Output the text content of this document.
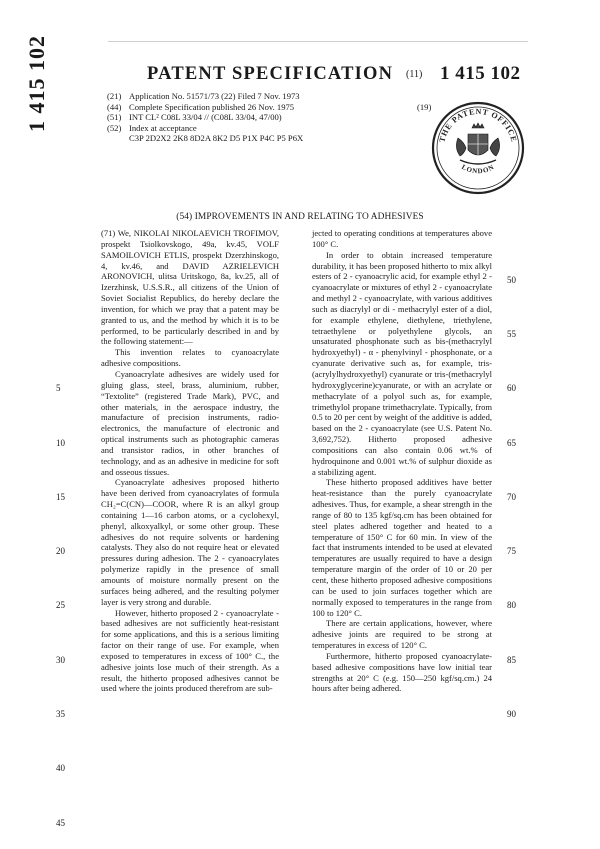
PATENT SPECIFICATION (11) 1 415 102
1 415 102	(21) Application No. 51571/73 (22) Filed 7 Nov. 1973
(44) Complete Specification published 26 Nov. 1975
(51) INT CL² C08L 33/04 // (C08L 33/04, 47/00)
(52) Index at acceptance
C3P 2D2X2 2K8 8D2A 8K2 D5 P1X P4C P5 P6X
(19)
THE PATENT OFFICE
LONDON
(54) IMPROVEMENTS IN AND RELATING TO ADHESIVES

(71) We, NIKOLAI NIKOLAEVICH TROFIMOV, prospekt Tsiolkovskogo, 49a, kv.45, VOLF SAMOILOVICH ETLIS, prospekt Dzerzhinskogo, 4, kv.46, and DAVID AZRIELEVICH ARONOVICH, ulitsa Uritskogo, 8a, kv.25, all of Izerzhinsk, U.S.S.R., all citizens of the Union of Soviet Socialist Republics, do hereby declare the invention, for which we pray that a patent may be granted to us, and the method by which it is to be performed, to be particularly described in and by the following statement:—

This invention relates to cyanoacrylate adhesive compositions.

Cyanoacrylate adhesives are widely used for gluing glass, steel, brass, aluminium, rubber, “Textolite” (registered Trade Mark), PVC, and other materials, in the aerospace industry, the manufacture of precision instruments, radio-electronics, the manufacture of electronic and optical instruments such as photographic cameras and transistor radios, in other branches of technology, and as an adhesive in medicine for soft and osseous tissues.

Cyanoacrylate adhesives proposed hitherto have been derived from cyanoacrylates of formula CH₂=C(CN)—COOR, where R is an alkyl group containing 1—16 carbon atoms, or a cyclohexyl, phenyl, alkoxyalkyl, or some other group. These adhesives do not require solvents or hardening catalysts. They also do not require heat or elevated pressures during adhesion. The 2 - cyanoacrylates polymerize rapidly in the presence of small amounts of moisture normally present on the surfaces being adhered, and the resulting polymer layer is very strong and durable.

However, hitherto proposed 2 - cyanoacrylate - based adhesives are not sufficiently heat-resistant for some applications, and this is a serious limiting factor on their range of use. For example, when exposed to temperatures in excess of 100° C., the adhesive joints lose much of their strength. As a result, the hitherto proposed adhesives cannot be used where the joints produced therefrom are sub-

jected to operating conditions at temperatures above 100° C.

In order to obtain increased temperature durability, it has been proposed hitherto to mix alkyl esters of 2 - cyanoacrylic acid, for example ethyl 2 - cyanoacrylate or mixtures of ethyl 2 - cyanoacrylate and methyl 2 - cyanoacrylate, with various additives such as diacrylyl or di - methacrylyl ester of a diol, for example ethylene, diethylene, triethylene, tetraethylene or polyethylene glycols, an unsaturated phosphonate such as bis-(methacrylyl hydroxyethyl) - α - phenylvinyl - phosphonate, or a cyanurate derivative such as, for example, tris-(acrylylhydroxyethyl) cyanurate or tris-(methacrylyl hydroxyglycerine)cyanurate, or with an acrylate or methacrylate of a polyol such as, for example, trimethylol propane trimethacrylate. Typically, from 0.5 to 20 per cent by weight of the additive is added, based on the 2 - cyanoacrylate (see U.S. Patent No. 3,692,752). Hitherto proposed adhesive compositions can also contain 0.06 wt.% of hydroquinone and 0.001 wt.% of sulphur dioxide as a stabilizing agent.

These hitherto proposed additives have better heat-resistance than the purely cyanoacrylate adhesives. Thus, for example, a shear strength in the range of 80 to 135 kgf/sq.cm has been obtained for steel plates adhered together and heated to a temperature of 150° C for 60 min. In view of the fact that instruments intended to be used at elevated temperatures are usually required to have a design temperature margin of the order of 10 or 20 per cent, these hitherto proposed adhesive compositions can be used to join surfaces together which are normally exposed to temperatures in the range from 100 to 120° C.

There are certain applications, however, where adhesive joints are required to be strong at temperatures in excess of 120° C.

Furthermore, hitherto proposed cyanoacrylate-based adhesive compositions have low initial tear strengths at 20° C (e.g. 150—250 kgf/sq.cm.) 24 hours after being adhered.

5
10
15
20
25
30
35
40
45
50
55
60
65
70
75
80
85
90
